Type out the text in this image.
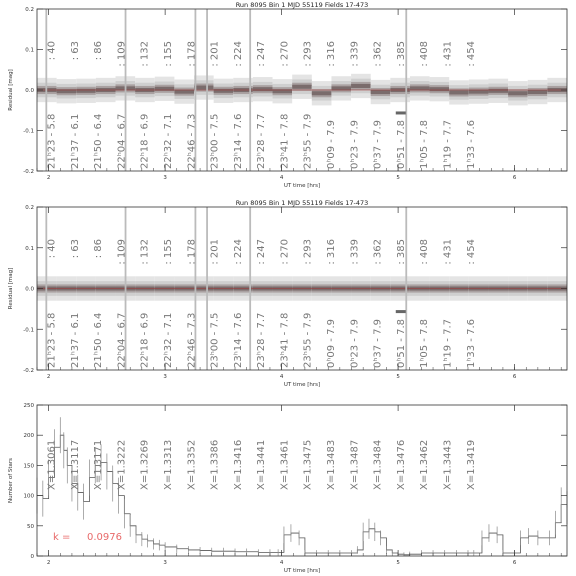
: 40 : 63 : 86 : 109 : 132 : 155 : 178 : 201 : 224 : 247 : 270 : 293 : 316 : 339 : 362 : 385 : 408 : 431 : 454
21ʰ23 - 5.8 21ʰ37 - 6.1 21ʰ50 - 6.4 22ʰ04 - 6.7 22ʰ18 - 6.9 22ʰ32 - 7.1 22ʰ46 - 7.3 23ʰ00 - 7.5 23ʰ14 - 7.6 23ʰ28 - 7.7 23ʰ41 - 7.8 23ʰ55 - 7.9 0ʰ09 - 7.9 0ʰ23 - 7.9 0ʰ37 - 7.9 0ʰ51 - 7.8 1ʰ05 - 7.8 1ʰ19 - 7.7 1ʰ33 - 7.6
2	3	4	5	6
-0.2
-0.1
0.0
0.1
0.2
UT time [hrs]
Residual [mag]
Run 8095 Bin 1 MJD 55119 Fields 17-473
: 40 : 63 : 86 : 109 : 132 : 155 : 178 : 201 : 224 : 247 : 270 : 293 : 316 : 339 : 362 : 385 : 408 : 431 : 454
21ʰ23 - 5.8 21ʰ37 - 6.1 21ʰ50 - 6.4 22ʰ04 - 6.7 22ʰ18 - 6.9 22ʰ32 - 7.1 22ʰ46 - 7.3 23ʰ00 - 7.5 23ʰ14 - 7.6 23ʰ28 - 7.7 23ʰ41 - 7.8 23ʰ55 - 7.9 0ʰ09 - 7.9 0ʰ23 - 7.9 0ʰ37 - 7.9 0ʰ51 - 7.8 1ʰ05 - 7.8 1ʰ19 - 7.7 1ʰ33 - 7.6
2	3	4	5	6
-0.2
-0.1
0.0
0.1
0.2
UT time [hrs]
Residual [mag]
Run 8095 Bin 1 MJD 55119 Fields 17-473
X=1.3061 X=1.3117 X=1.3171 X=1.3222 X=1.3269 X=1.3313 X=1.3352 X=1.3386 X=1.3416 X=1.3441 X=1.3461 X=1.3475 X=1.3483 X=1.3487 X=1.3484 X=1.3476 X=1.3462 X=1.3443 X=1.3419
k = 0.0976
2	3	4	5	6
0
50
100
150
200
250
UT time [hrs]
Number of Stars
